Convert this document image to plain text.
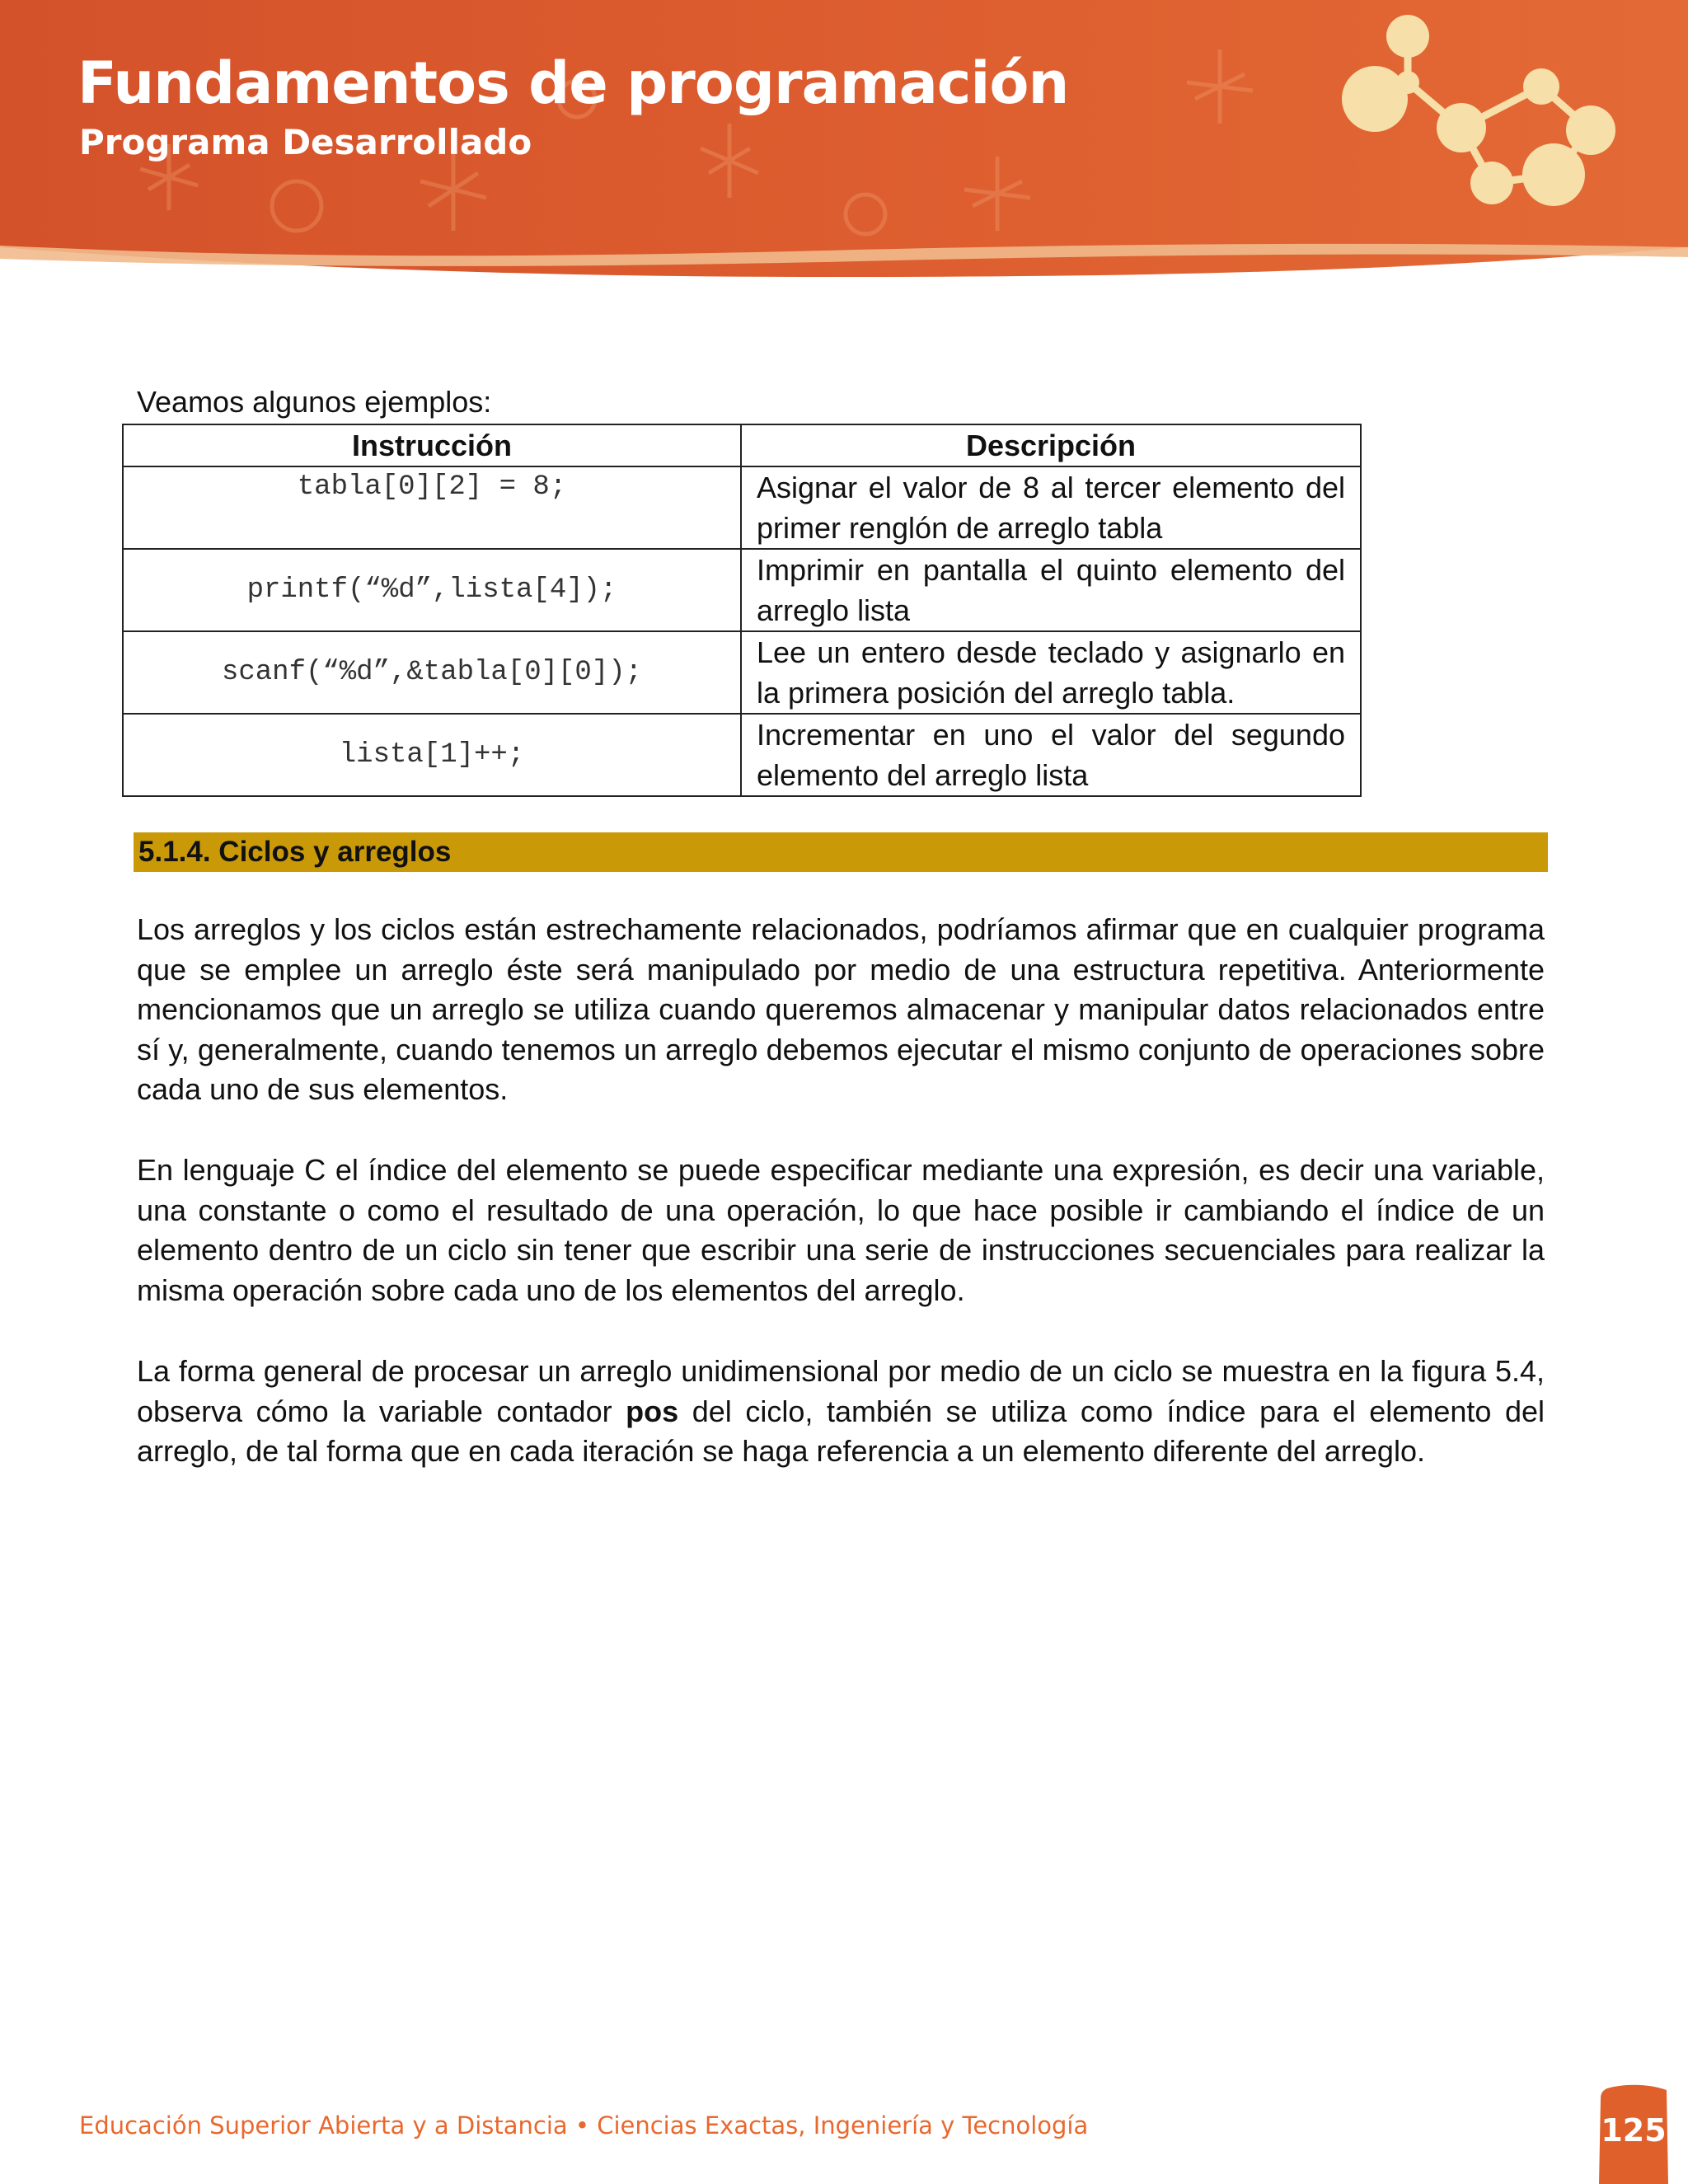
Fundamentos de programación
Programa Desarrollado

Veamos algunos ejemplos:

Instrucción	Descripción
tabla[0][2] = 8;	Asignar el valor de 8 al tercer elemento del primer renglón de arreglo tabla
printf(“%d”,lista[4]);	Imprimir en pantalla el quinto elemento del arreglo lista
scanf(“%d”,&tabla[0][0]);	Lee un entero desde teclado y asignarlo en la primera posición del arreglo tabla.
lista[1]++;	Incrementar en uno el valor del segundo elemento del arreglo lista
5.1.4. Ciclos y arreglos

Los arreglos y los ciclos están estrechamente relacionados, podríamos afirmar que en cualquier programa que se emplee un arreglo éste será manipulado por medio de una estructura repetitiva. Anteriormente mencionamos que un arreglo se utiliza cuando queremos almacenar y manipular datos relacionados entre sí y, generalmente, cuando tenemos un arreglo debemos ejecutar el mismo conjunto de operaciones sobre cada uno de sus elementos.

En lenguaje C el índice del elemento se puede especificar mediante una expresión, es decir una variable, una constante o como el resultado de una operación, lo que hace posible ir cambiando el índice de un elemento dentro de un ciclo sin tener que escribir una serie de instrucciones secuenciales para realizar la misma operación sobre cada uno de los elementos del arreglo.

La forma general de procesar un arreglo unidimensional por medio de un ciclo se muestra en la figura 5.4, observa cómo la variable contador pos del ciclo, también se utiliza como índice para el elemento del arreglo, de tal forma que en cada iteración se haga referencia a un elemento diferente del arreglo.

Educación Superior Abierta y a Distancia • Ciencias Exactas, Ingeniería y Tecnología	125
